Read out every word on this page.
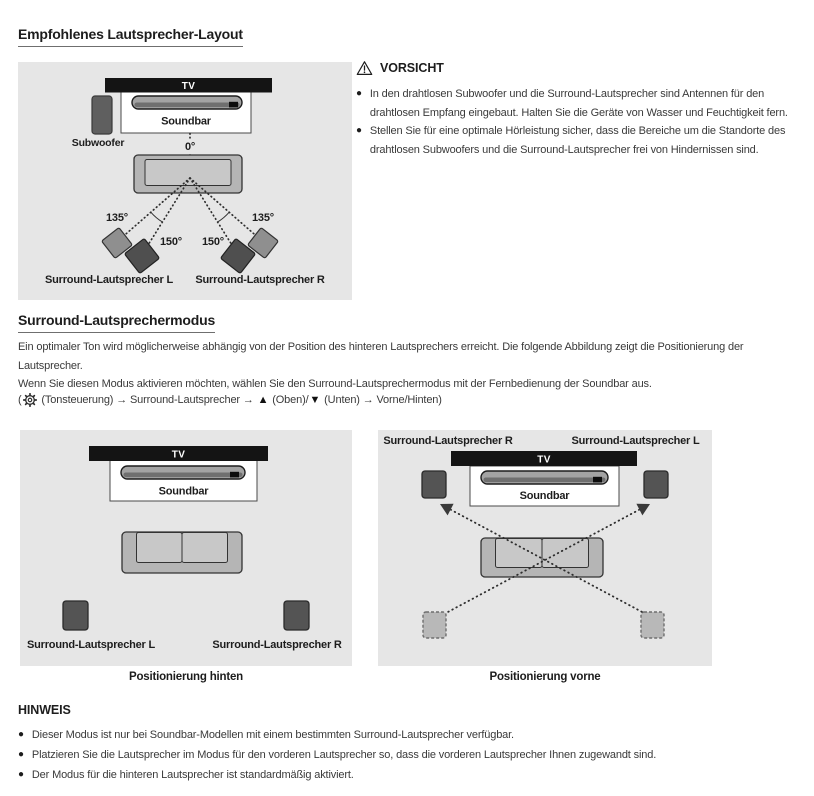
Empfohlenes Lautsprecher-Layout
TV
Soundbar
Subwoofer	0°
135°
150° 150°
135°
Surround-Lautsprecher L Surround-Lautsprecher R
VORSICHT
● In den drahtlosen Subwoofer und die Surround-Lautsprecher sind Antennen für den drahtlosen Empfang eingebaut. Halten Sie die Geräte von Wasser und Feuchtigkeit fern.
● Stellen Sie für eine optimale Hörleistung sicher, dass die Bereiche um die Standorte des drahtlosen Subwoofers und die Surround-Lautsprecher frei von Hindernissen sind.
Surround-Lautsprechermodus
Ein optimaler Ton wird möglicherweise abhängig von der Position des hinteren Lautsprechers erreicht. Die folgende Abbildung zeigt die Positionierung der
Lautsprecher.
Wenn Sie diesen Modus aktivieren möchten, wählen Sie den Surround-Lautsprechermodus mit der Fernbedienung der Soundbar aus.
( (Tonsteuerung) → Surround-Lautsprecher → ▲ (Oben)/ ▼ (Unten) → Vorne/Hinten)
TV
Soundbar
Surround-Lautsprecher L	Surround-Lautsprecher R
Surround-Lautsprecher R	Surround-Lautsprecher L
TV
Soundbar
Positionierung hinten	Positionierung vorne
HINWEIS
● Dieser Modus ist nur bei Soundbar-Modellen mit einem bestimmten Surround-Lautsprecher verfügbar.
● Platzieren Sie die Lautsprecher im Modus für den vorderen Lautsprecher so, dass die vorderen Lautsprecher Ihnen zugewandt sind.
● Der Modus für die hinteren Lautsprecher ist standardmäßig aktiviert.
